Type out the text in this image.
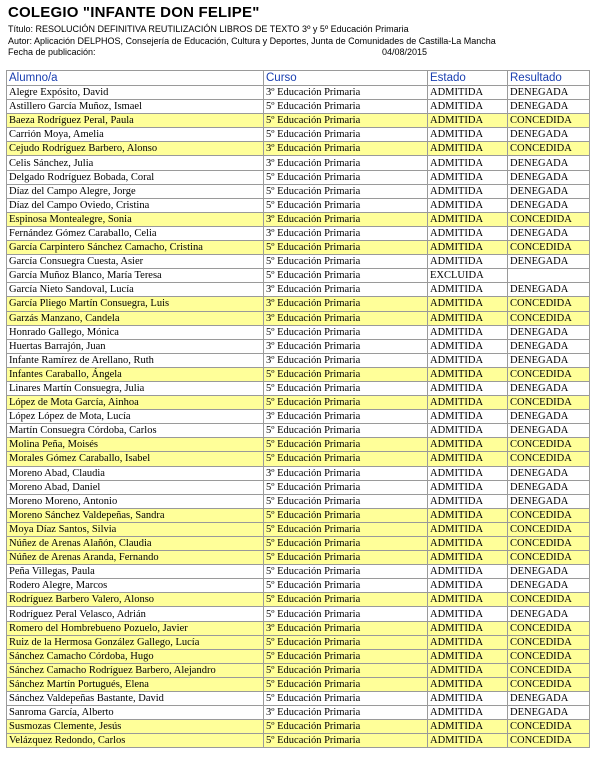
COLEGIO "INFANTE DON FELIPE"
Título: RESOLUCIÓN DEFINITIVA REUTILIZACIÓN LIBROS DE TEXTO 3º y 5º Educación Primaria
Autor: Aplicación DELPHOS, Consejería de Educación, Cultura y Deportes, Junta de Comunidades de Castilla-La Mancha
Fecha de publicación:	04/08/2015
Alumno/a	Curso	Estado	Resultado
Alegre Expósito, David	3º Educación Primaria	ADMITIDA	DENEGADA
Astillero García Muñoz, Ismael	5º Educación Primaria	ADMITIDA	DENEGADA
Baeza Rodríguez Peral, Paula	5º Educación Primaria	ADMITIDA	CONCEDIDA
Carrión Moya, Amelia	5º Educación Primaria	ADMITIDA	DENEGADA
Cejudo Rodríguez Barbero, Alonso	3º Educación Primaria	ADMITIDA	CONCEDIDA
Celis Sánchez, Julia	3º Educación Primaria	ADMITIDA	DENEGADA
Delgado Rodríguez Bobada, Coral	5º Educación Primaria	ADMITIDA	DENEGADA
Díaz del Campo Alegre, Jorge	5º Educación Primaria	ADMITIDA	DENEGADA
Díaz del Campo Oviedo, Cristina	5º Educación Primaria	ADMITIDA	DENEGADA
Espinosa Montealegre, Sonia	3º Educación Primaria	ADMITIDA	CONCEDIDA
Fernández Gómez Caraballo, Celia	3º Educación Primaria	ADMITIDA	DENEGADA
García Carpintero Sánchez Camacho, Cristina	5º Educación Primaria	ADMITIDA	CONCEDIDA
García Consuegra Cuesta, Asier	5º Educación Primaria	ADMITIDA	DENEGADA
García Muñoz Blanco, María Teresa	5º Educación Primaria	EXCLUIDA	
García Nieto Sandoval, Lucía	3º Educación Primaria	ADMITIDA	DENEGADA
García Pliego Martín Consuegra, Luis	3º Educación Primaria	ADMITIDA	CONCEDIDA
Garzás Manzano, Candela	3º Educación Primaria	ADMITIDA	CONCEDIDA
Honrado Gallego, Mónica	5º Educación Primaria	ADMITIDA	DENEGADA
Huertas Barrajón, Juan	3º Educación Primaria	ADMITIDA	DENEGADA
Infante Ramírez de Arellano, Ruth	3º Educación Primaria	ADMITIDA	DENEGADA
Infantes Caraballo, Ángela	5º Educación Primaria	ADMITIDA	CONCEDIDA
Linares Martín Consuegra, Julia	5º Educación Primaria	ADMITIDA	DENEGADA
López de Mota García, Ainhoa	5º Educación Primaria	ADMITIDA	CONCEDIDA
López López de Mota, Lucía	3º Educación Primaria	ADMITIDA	DENEGADA
Martín Consuegra Córdoba, Carlos	5º Educación Primaria	ADMITIDA	DENEGADA
Molina Peña, Moisés	5º Educación Primaria	ADMITIDA	CONCEDIDA
Morales Gómez Caraballo, Isabel	5º Educación Primaria	ADMITIDA	CONCEDIDA
Moreno Abad, Claudia	3º Educación Primaria	ADMITIDA	DENEGADA
Moreno Abad, Daniel	5º Educación Primaria	ADMITIDA	DENEGADA
Moreno Moreno, Antonio	5º Educación Primaria	ADMITIDA	DENEGADA
Moreno Sánchez Valdepeñas, Sandra	5º Educación Primaria	ADMITIDA	CONCEDIDA
Moya Díaz Santos, Silvia	5º Educación Primaria	ADMITIDA	CONCEDIDA
Núñez de Arenas Alañón, Claudia	5º Educación Primaria	ADMITIDA	CONCEDIDA
Núñez de Arenas Aranda, Fernando	5º Educación Primaria	ADMITIDA	CONCEDIDA
Peña Villegas, Paula	5º Educación Primaria	ADMITIDA	DENEGADA
Rodero Alegre, Marcos	5º Educación Primaria	ADMITIDA	DENEGADA
Rodríguez Barbero Valero, Alonso	5º Educación Primaria	ADMITIDA	CONCEDIDA
Rodríguez Peral Velasco, Adrián	5º Educación Primaria	ADMITIDA	DENEGADA
Romero del Hombrebueno Pozuelo, Javier	3º Educación Primaria	ADMITIDA	CONCEDIDA
Ruiz de la Hermosa González Gallego, Lucía	5º Educación Primaria	ADMITIDA	CONCEDIDA
Sánchez Camacho Córdoba, Hugo	5º Educación Primaria	ADMITIDA	CONCEDIDA
Sánchez Camacho Rodríguez Barbero, Alejandro	5º Educación Primaria	ADMITIDA	CONCEDIDA
Sánchez Martín Portugués, Elena	5º Educación Primaria	ADMITIDA	CONCEDIDA
Sánchez Valdepeñas Bastante, David	5º Educación Primaria	ADMITIDA	DENEGADA
Sanroma García, Alberto	3º Educación Primaria	ADMITIDA	DENEGADA
Susmozas Clemente, Jesús	5º Educación Primaria	ADMITIDA	CONCEDIDA
Velázquez Redondo, Carlos	5º Educación Primaria	ADMITIDA	CONCEDIDA
